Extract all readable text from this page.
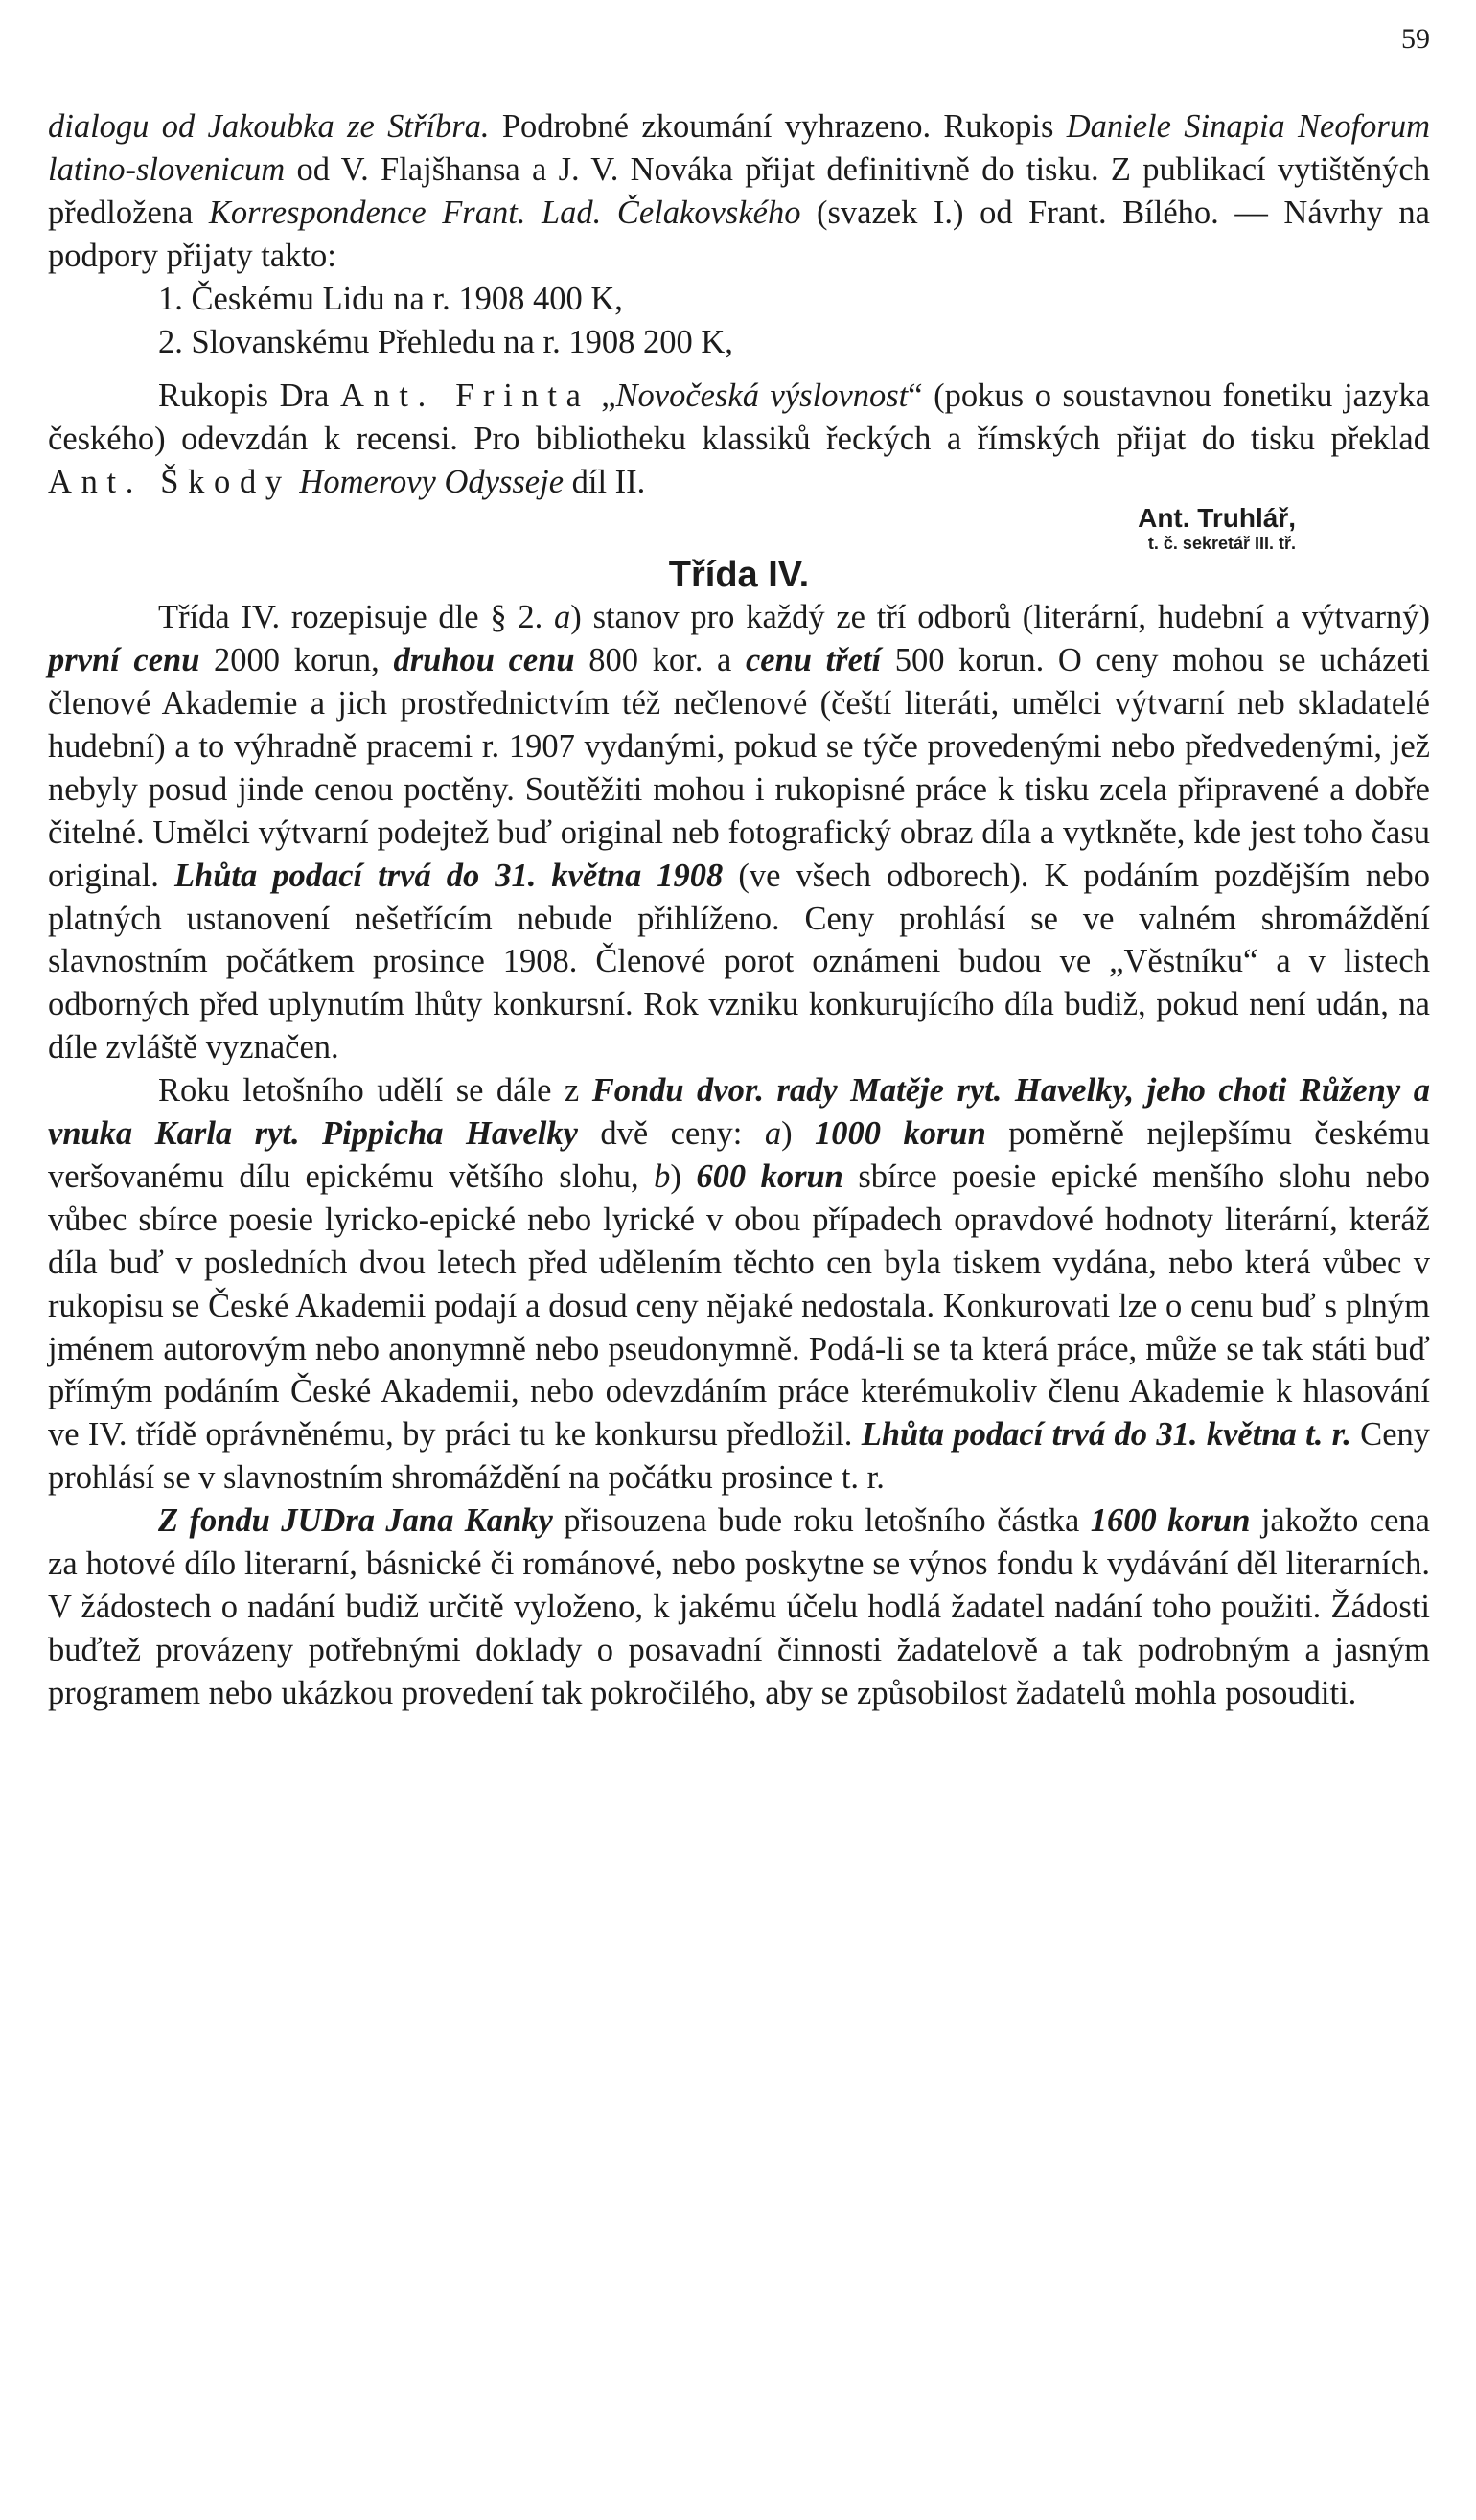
59

dialogu od Jakoubka ze Stříbra. Podrobné zkoumání vyhrazeno. Rukopis Daniele Sinapia Neoforum latino-slovenicum od V. Flajšhansa a J. V. Nováka přijat definitivně do tisku. Z publikací vytištěných předložena Korrespondence Frant. Lad. Čelakovského (svazek I.) od Frant. Bílého. — Návrhy na podpory přijaty takto:

1. Českému Lidu na r. 1908 400 K,

2. Slovanskému Přehledu na r. 1908 200 K,

Rukopis Dra Ant. Frinta „Novočeská výslovnost“ (pokus o soustavnou fonetiku jazyka českého) odevzdán k recensi. Pro bibliotheku klassiků řeckých a římských přijat do tisku překlad Ant. Škody Homerovy Odysseje díl II.

Ant. Truhlář,

t. č. sekretář III. tř.

Třída IV.

Třída IV. rozepisuje dle § 2. a) stanov pro každý ze tří odborů (literární, hudební a výtvarný) první cenu 2000 korun, druhou cenu 800 kor. a cenu třetí 500 korun. O ceny mohou se ucházeti členové Akademie a jich prostřednictvím též nečlenové (čeští literáti, umělci výtvarní neb skladatelé hudební) a to výhradně pracemi r. 1907 vydanými, pokud se týče provedenými nebo předvedenými, jež nebyly posud jinde cenou poctěny. Soutěžiti mohou i rukopisné práce k tisku zcela připravené a dobře čitelné. Umělci výtvarní podejtež buď original neb fotografický obraz díla a vytkněte, kde jest toho času original. Lhůta podací trvá do 31. května 1908 (ve všech odborech). K podáním pozdějším nebo platných ustanovení nešetřícím nebude přihlíženo. Ceny prohlásí se ve valném shromáždění slavnostním počátkem prosince 1908. Členové porot oznámeni budou ve „Věstníku“ a v listech odborných před uplynutím lhůty konkursní. Rok vzniku konkurujícího díla budiž, pokud není udán, na díle zvláště vyznačen.

Roku letošního udělí se dále z Fondu dvor. rady Matěje ryt. Havelky, jeho choti Růženy a vnuka Karla ryt. Pippicha Havelky dvě ceny: a) 1000 korun poměrně nejlepšímu českému veršovanému dílu epickému většího slohu, b) 600 korun sbírce poesie epické menšího slohu nebo vůbec sbírce poesie lyricko-epické nebo lyrické v obou případech opravdové hodnoty literární, kteráž díla buď v posledních dvou letech před udělením těchto cen byla tiskem vydána, nebo která vůbec v rukopisu se České Akademii podají a dosud ceny nějaké nedostala. Konkurovati lze o cenu buď s plným jménem autorovým nebo anonymně nebo pseudonymně. Podá-li se ta která práce, může se tak státi buď přímým podáním České Akademii, nebo odevzdáním práce kterémukoliv členu Akademie k hlasování ve IV. třídě oprávněnému, by práci tu ke konkursu předložil. Lhůta podací trvá do 31. května t. r. Ceny prohlásí se v slavnostním shromáždění na počátku prosince t. r.

Z fondu JUDra Jana Kanky přisouzena bude roku letošního částka 1600 korun jakožto cena za hotové dílo literarní, básnické či románové, nebo poskytne se výnos fondu k vydávání děl literarních. V žádostech o nadání budiž určitě vyloženo, k jakému účelu hodlá žadatel nadání toho použiti. Žádosti buďtež provázeny potřebnými doklady o posavadní činnosti žadatelově a tak podrobným a jasným programem nebo ukázkou provedení tak pokročilého, aby se způsobilost žadatelů mohla posouditi.
